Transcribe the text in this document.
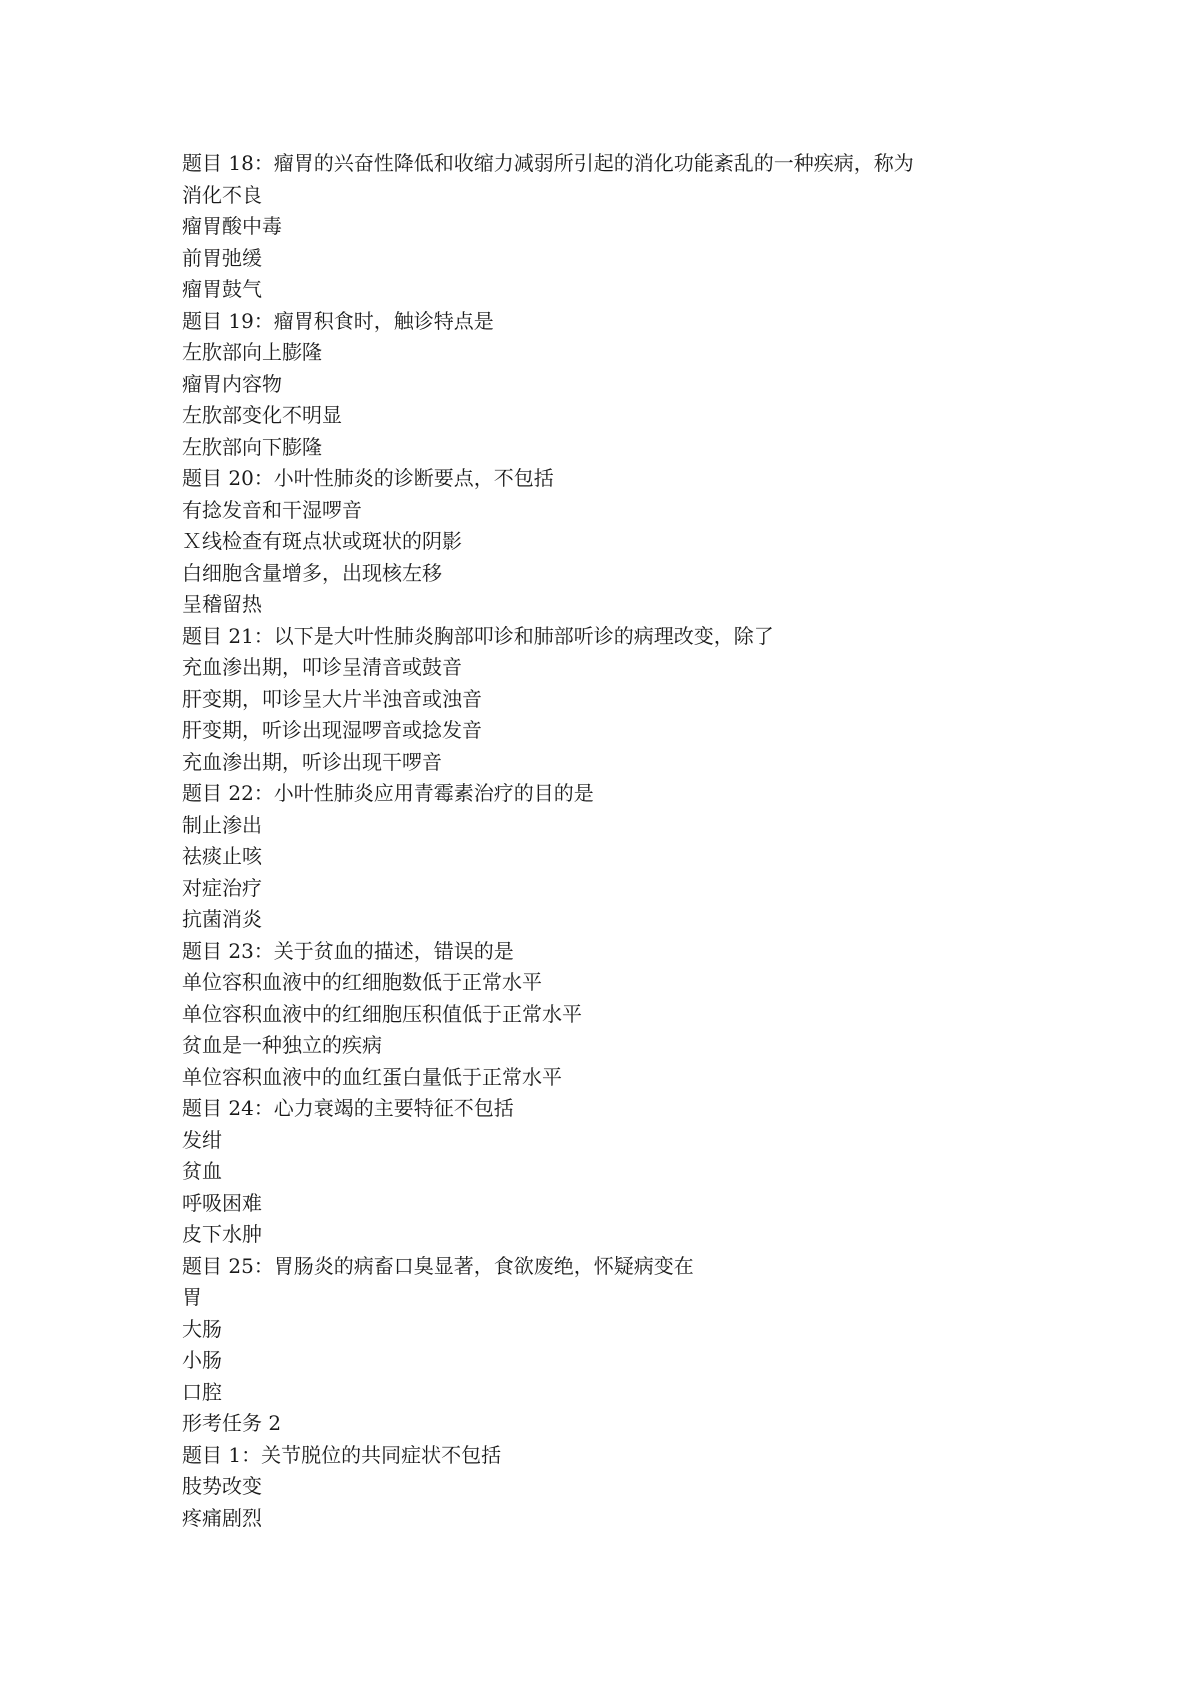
题目 18：瘤胃的兴奋性降低和收缩力减弱所引起的消化功能紊乱的一种疾病，称为

消化不良

瘤胃酸中毒

前胃弛缓

瘤胃鼓气

题目 19：瘤胃积食时，触诊特点是

左肷部向上膨隆

瘤胃内容物

左肷部变化不明显

左肷部向下膨隆

题目 20：小叶性肺炎的诊断要点，不包括

有捻发音和干湿啰音

Ｘ线检查有斑点状或斑状的阴影

白细胞含量增多，出现核左移

呈稽留热

题目 21：以下是大叶性肺炎胸部叩诊和肺部听诊的病理改变，除了

充血渗出期，叩诊呈清音或鼓音

肝变期，叩诊呈大片半浊音或浊音

肝变期，听诊出现湿啰音或捻发音

充血渗出期，听诊出现干啰音

题目 22：小叶性肺炎应用青霉素治疗的目的是

制止渗出

祛痰止咳

对症治疗

抗菌消炎

题目 23：关于贫血的描述，错误的是

单位容积血液中的红细胞数低于正常水平

单位容积血液中的红细胞压积值低于正常水平

贫血是一种独立的疾病

单位容积血液中的血红蛋白量低于正常水平

题目 24：心力衰竭的主要特征不包括

发绀

贫血

呼吸困难

皮下水肿

题目 25：胃肠炎的病畜口臭显著，食欲废绝，怀疑病变在

胃

大肠

小肠

口腔

形考任务 2

题目 1：关节脱位的共同症状不包括

肢势改变

疼痛剧烈
